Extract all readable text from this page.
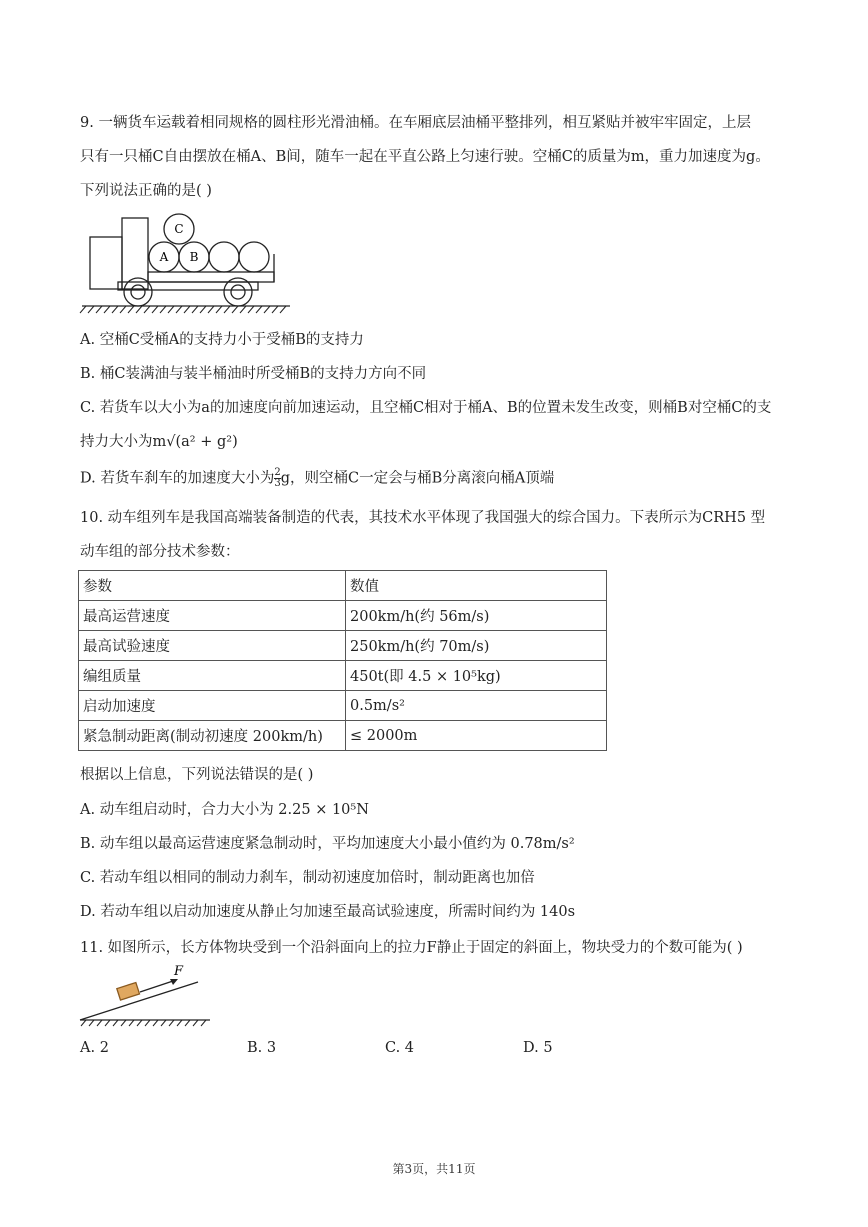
9. 一辆货车运载着相同规格的圆柱形光滑油桶。在车厢底层油桶平整排列，相互紧贴并被牢牢固定，上层
只有一只桶C自由摆放在桶A、B间，随车一起在平直公路上匀速行驶。空桶C的质量为m，重力加速度为g。
下列说法正确的是( )
C
A B
A. 空桶C受桶A的支持力小于受桶B的支持力
B. 桶C装满油与装半桶油时所受桶B的支持力方向不同
C. 若货车以大小为a的加速度向前加速运动，且空桶C相对于桶A、B的位置未发生改变，则桶B对空桶C的支
持力大小为m√(a² + g²)
D. 若货车刹车的加速度大小为 $\frac{2}{3}$ g，则空桶C一定会与桶B分离滚向桶A顶端
10. 动车组列车是我国高端装备制造的代表，其技术水平体现了我国强大的综合国力。下表所示为CRH5 型
动车组的部分技术参数：
参数	数值
最高运营速度	200km/h(约 56m/s)
最高试验速度	250km/h(约 70m/s)
编组质量	450t(即 4.5 × 10⁵kg)
启动加速度	0.5m/s²
紧急制动距离(制动初速度 200km/h)	≤ 2000m
根据以上信息，下列说法错误的是( )
A. 动车组启动时，合力大小为 2.25 × 10⁵N
B. 动车组以最高运营速度紧急制动时，平均加速度大小最小值约为 0.78m/s²
C. 若动车组以相同的制动力刹车，制动初速度加倍时，制动距离也加倍
D. 若动车组以启动加速度从静止匀加速至最高试验速度，所需时间约为 140s
11. 如图所示，长方体物块受到一个沿斜面向上的拉力F静止于固定的斜面上，物块受力的个数可能为( )
F
A. 2	B. 3	C. 4	D. 5
第3页，共11页
